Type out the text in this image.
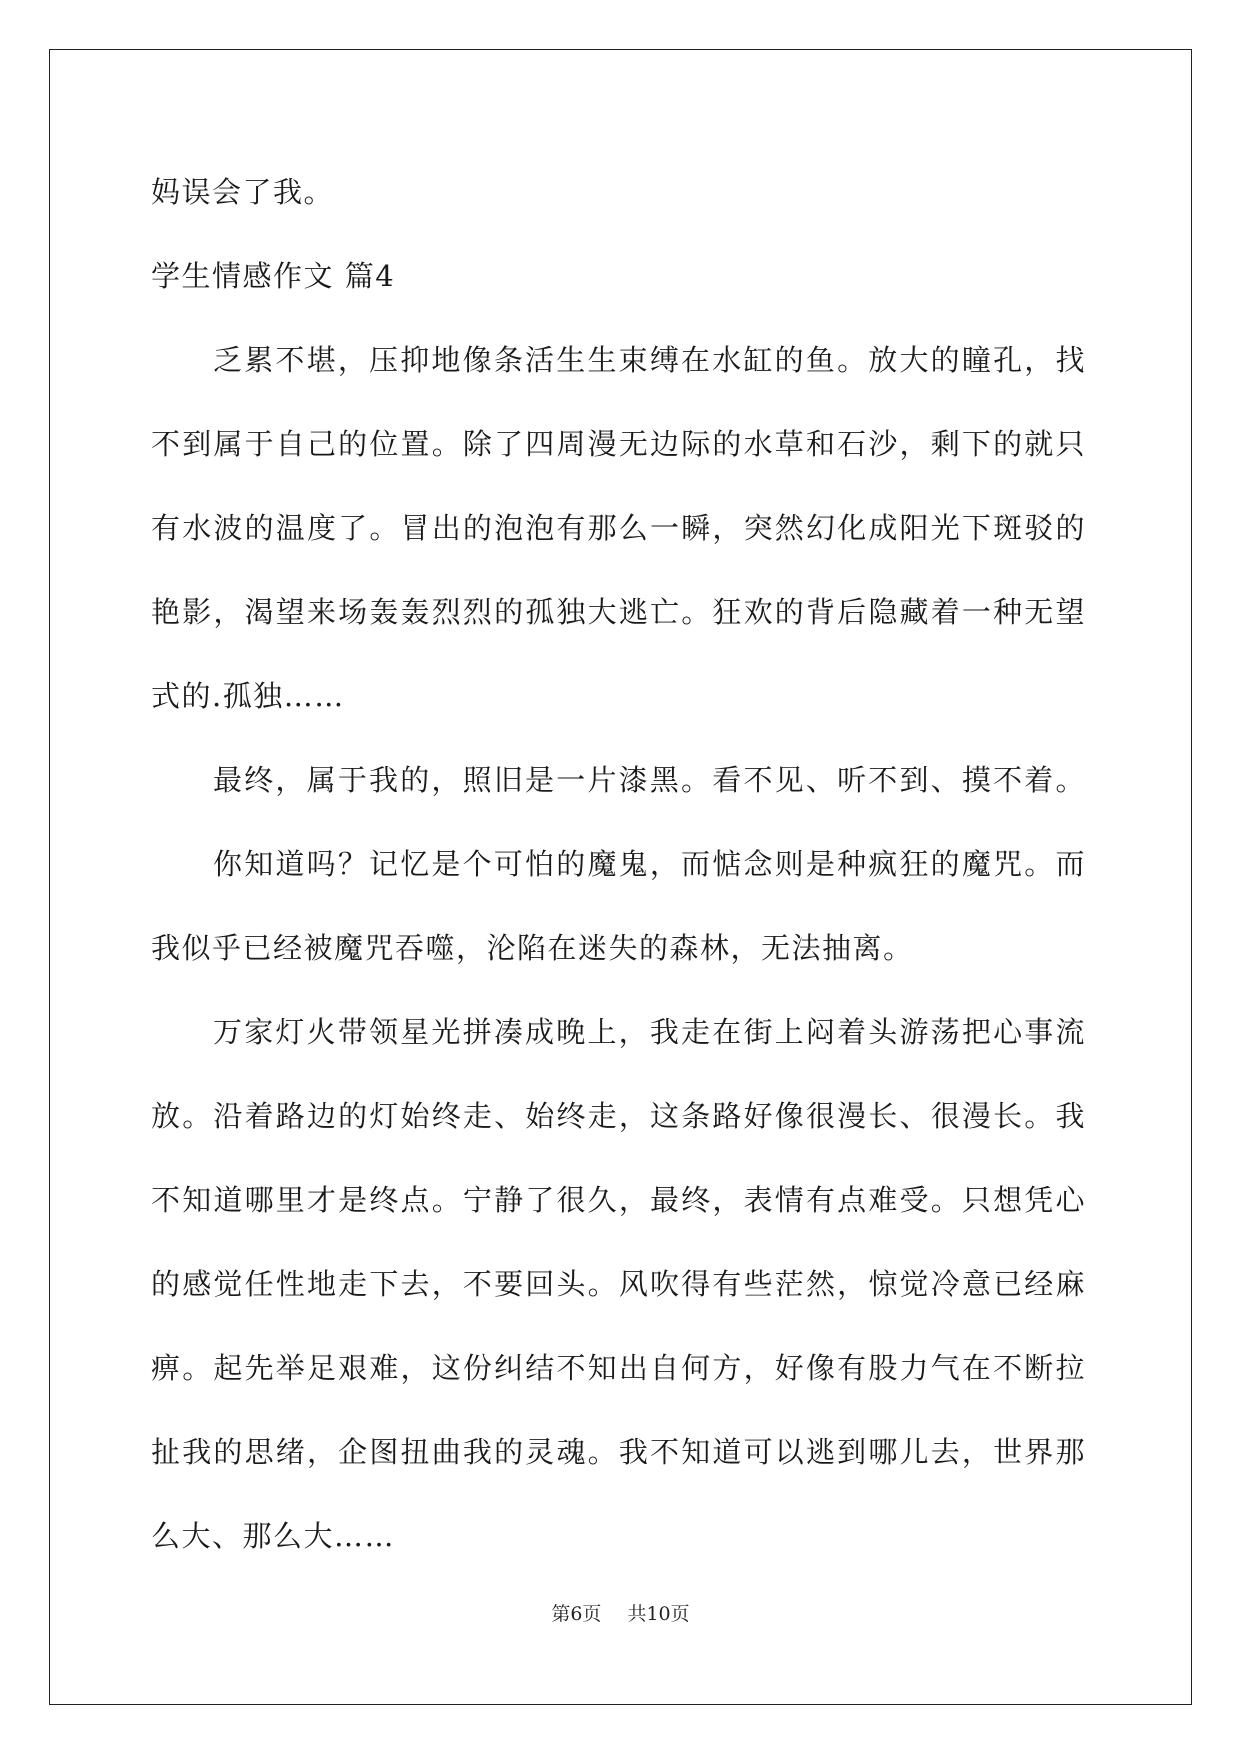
妈误会了我。
学生情感作文 篇4
乏累不堪，压抑地像条活生生束缚在水缸的鱼。放大的瞳孔，找
不到属于自己的位置。除了四周漫无边际的水草和石沙，剩下的就只
有水波的温度了。冒出的泡泡有那么一瞬，突然幻化成阳光下斑驳的
艳影，渴望来场轰轰烈烈的孤独大逃亡。狂欢的背后隐藏着一种无望
式的.孤独……
最终，属于我的，照旧是一片漆黑。看不见、听不到、摸不着。
你知道吗？记忆是个可怕的魔鬼，而惦念则是种疯狂的魔咒。而
我似乎已经被魔咒吞噬，沦陷在迷失的森林，无法抽离。
万家灯火带领星光拼凑成晚上，我走在街上闷着头游荡把心事流
放。沿着路边的灯始终走、始终走，这条路好像很漫长、很漫长。我
不知道哪里才是终点。宁静了很久，最终，表情有点难受。只想凭心
的感觉任性地走下去，不要回头。风吹得有些茫然，惊觉冷意已经麻
痹。起先举足艰难，这份纠结不知出自何方，好像有股力气在不断拉
扯我的思绪，企图扭曲我的灵魂。我不知道可以逃到哪儿去，世界那
么大、那么大……
第6页 共10页
